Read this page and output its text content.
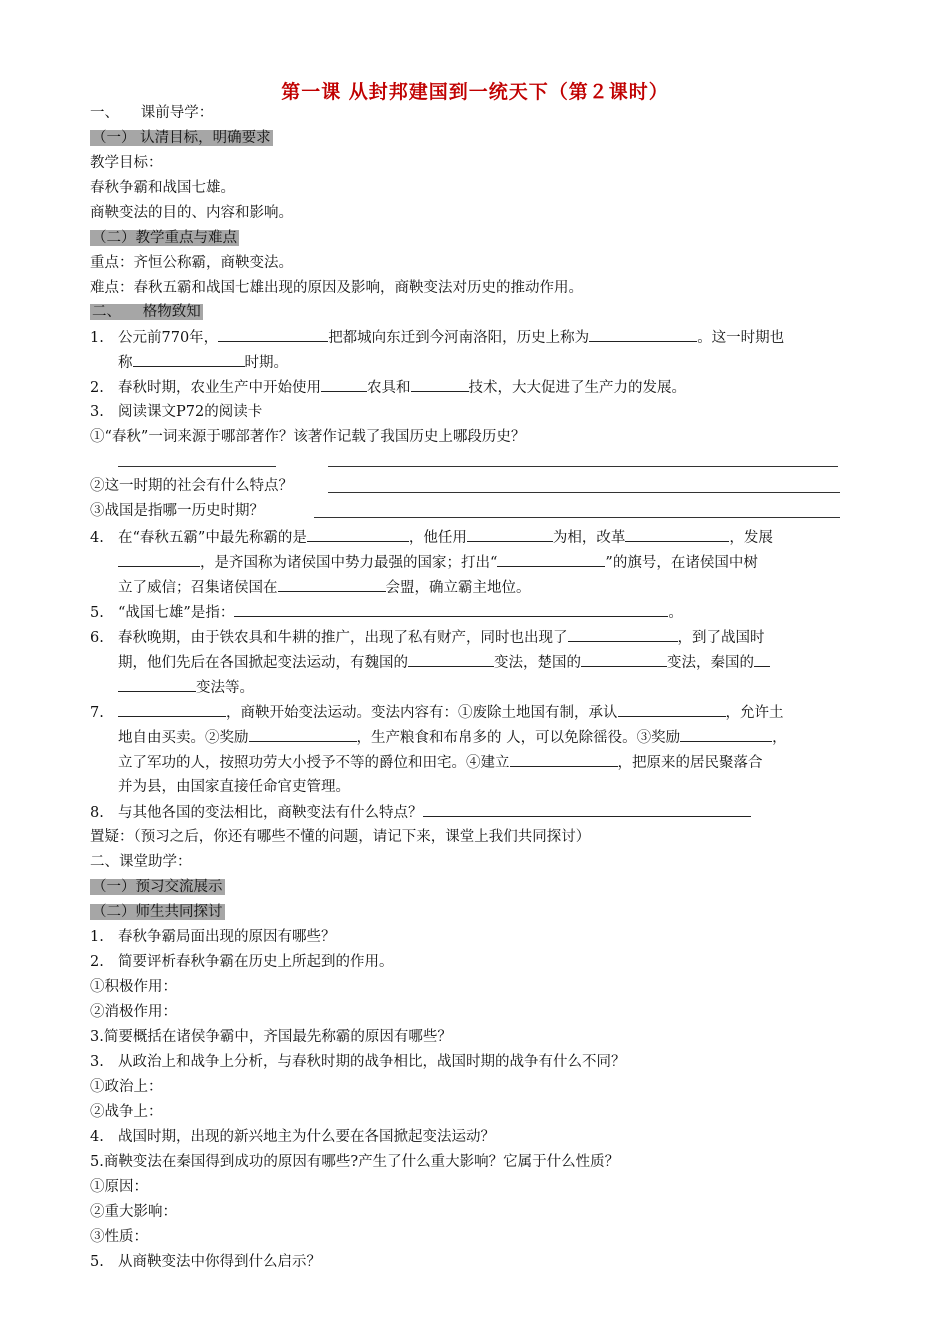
第一课 从封邦建国到一统天下（第２课时）
一、　　课前导学：
（一） 认清目标，明确要求
教学目标：
春秋争霸和战国七雄。
商鞅变法的目的、内容和影响。
（二）教学重点与难点
重点：齐恒公称霸，商鞅变法。
难点：春秋五霸和战国七雄出现的原因及影响，商鞅变法对历史的推动作用。
二、　　格物致知
1. 公元前770年，	把都城向东迁到今河南洛阳，历史上称为	。这一时期也
称	时期。
2. 春秋时期，农业生产中开始使用	农具和	技术，大大促进了生产力的发展。
3. 阅读课文P72的阅读卡
①“春秋”一词来源于哪部著作？该著作记载了我国历史上哪段历史？
②这一时期的社会有什么特点？
③战国是指哪一历史时期？
4. 在“春秋五霸”中最先称霸的是	，他任用	为相，改革	，发展
，是齐国称为诸侯国中势力最强的国家；打出“	”的旗号，在诸侯国中树
立了威信；召集诸侯国在	会盟，确立霸主地位。
5. “战国七雄”是指：	。
6. 春秋晚期，由于铁农具和牛耕的推广，出现了私有财产，同时也出现了	，到了战国时
期，他们先后在各国掀起变法运动，有魏国的	变法，楚国的	变法，秦国的
变法等。
7.	，商鞅开始变法运动。变法内容有：①废除土地国有制，承认	，允许土
地自由买卖。②奖励	，生产粮食和布帛多的 人，可以免除徭役。③奖励	，
立了军功的人，按照功劳大小授予不等的爵位和田宅。④建立	，把原来的居民聚落合
并为县，由国家直接任命官吏管理。
8. 与其他各国的变法相比，商鞅变法有什么特点？
置疑：（预习之后，你还有哪些不懂的问题，请记下来，课堂上我们共同探讨）
二、课堂助学：
（一）预习交流展示
（二）师生共同探讨
1. 春秋争霸局面出现的原因有哪些？
2. 简要评析春秋争霸在历史上所起到的作用。
①积极作用：
②消极作用：
3.简要概括在诸侯争霸中，齐国最先称霸的原因有哪些？
3. 从政治上和战争上分析，与春秋时期的战争相比，战国时期的战争有什么不同？
①政治上：
②战争上：
4. 战国时期，出现的新兴地主为什么要在各国掀起变法运动？
5.商鞅变法在秦国得到成功的原因有哪些?产生了什么重大影响？它属于什么性质？
①原因：
②重大影响：
③性质：
5. 从商鞅变法中你得到什么启示？
